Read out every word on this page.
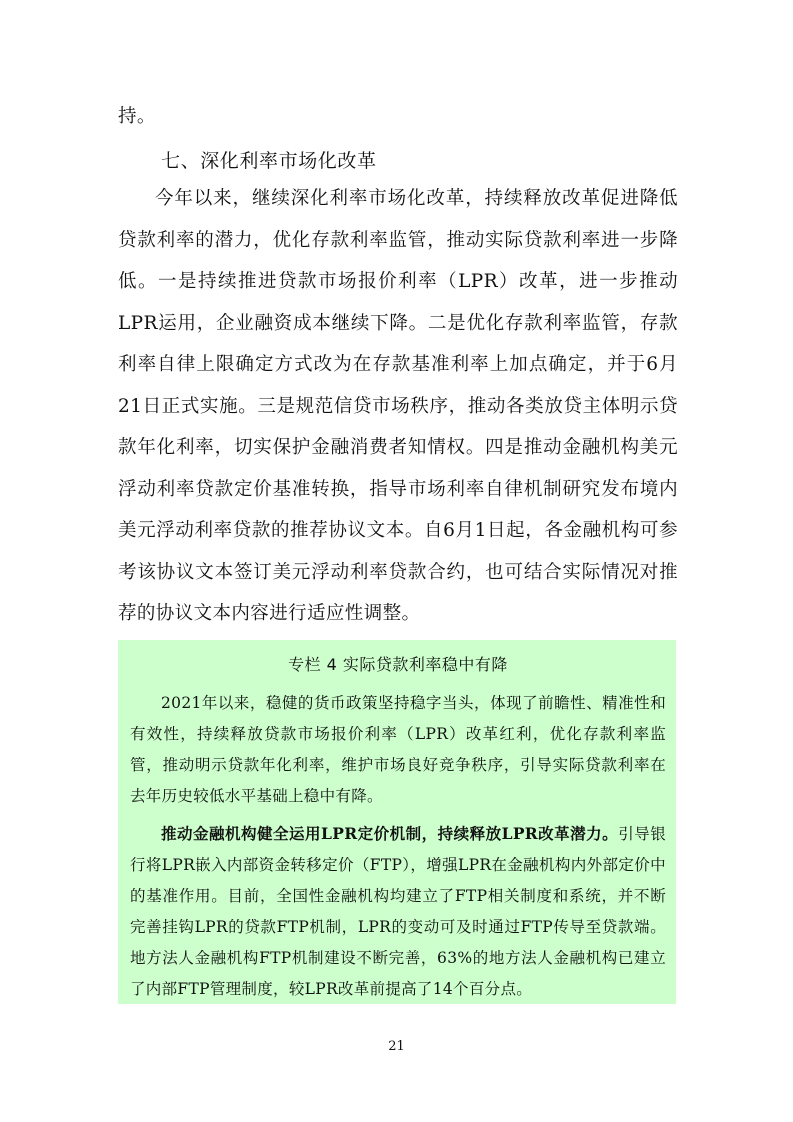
持。

七、深化利率市场化改革

今年以来，继续深化利率市场化改革，持续释放改革促进降低贷款利率的潜力，优化存款利率监管，推动实际贷款利率进一步降低。一是持续推进贷款市场报价利率（LPR）改革，进一步推动LPR运用，企业融资成本继续下降。二是优化存款利率监管，存款利率自律上限确定方式改为在存款基准利率上加点确定，并于6月21日正式实施。三是规范信贷市场秩序，推动各类放贷主体明示贷款年化利率，切实保护金融消费者知情权。四是推动金融机构美元浮动利率贷款定价基准转换，指导市场利率自律机制研究发布境内美元浮动利率贷款的推荐协议文本。自6月1日起，各金融机构可参考该协议文本签订美元浮动利率贷款合约，也可结合实际情况对推荐的协议文本内容进行适应性调整。

专栏 4 实际贷款利率稳中有降

2021年以来，稳健的货币政策坚持稳字当头，体现了前瞻性、精准性和有效性，持续释放贷款市场报价利率（LPR）改革红利，优化存款利率监管，推动明示贷款年化利率，维护市场良好竞争秩序，引导实际贷款利率在去年历史较低水平基础上稳中有降。

推动金融机构健全运用LPR定价机制，持续释放LPR改革潜力。引导银行将LPR嵌入内部资金转移定价（FTP），增强LPR在金融机构内外部定价中的基准作用。目前，全国性金融机构均建立了FTP相关制度和系统，并不断完善挂钩LPR的贷款FTP机制，LPR的变动可及时通过FTP传导至贷款端。地方法人金融机构FTP机制建设不断完善，63%的地方法人金融机构已建立了内部FTP管理制度，较LPR改革前提高了14个百分点。

21
